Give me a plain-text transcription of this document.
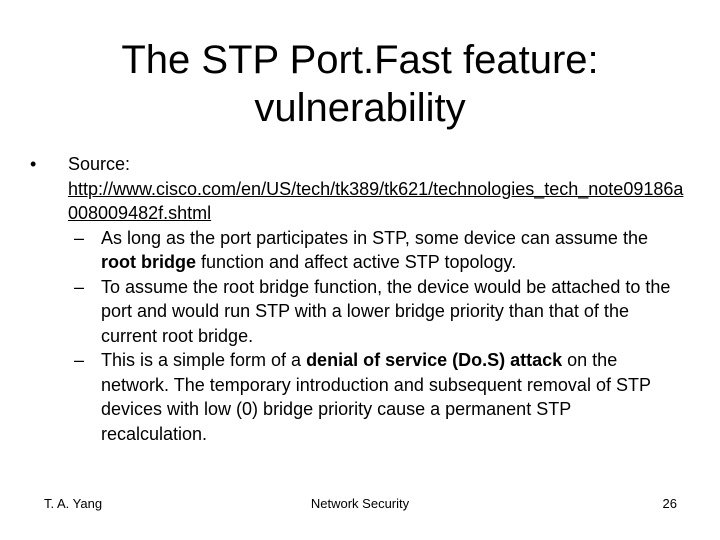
The STP Port.Fast feature:
vulnerability
•	Source:
http://www.cisco.com/en/US/tech/tk389/tk621/technologies_tech_note09186a008009482f.shtml
– As long as the port participates in STP, some device can assume the root bridge function and affect active STP topology.
– To assume the root bridge function, the device would be attached to the port and would run STP with a lower bridge priority than that of the current root bridge.
– This is a simple form of a denial of service (Do.S) attack on the network. The temporary introduction and subsequent removal of STP devices with low (0) bridge priority cause a permanent STP recalculation.
T. A. Yang	Network Security	26
